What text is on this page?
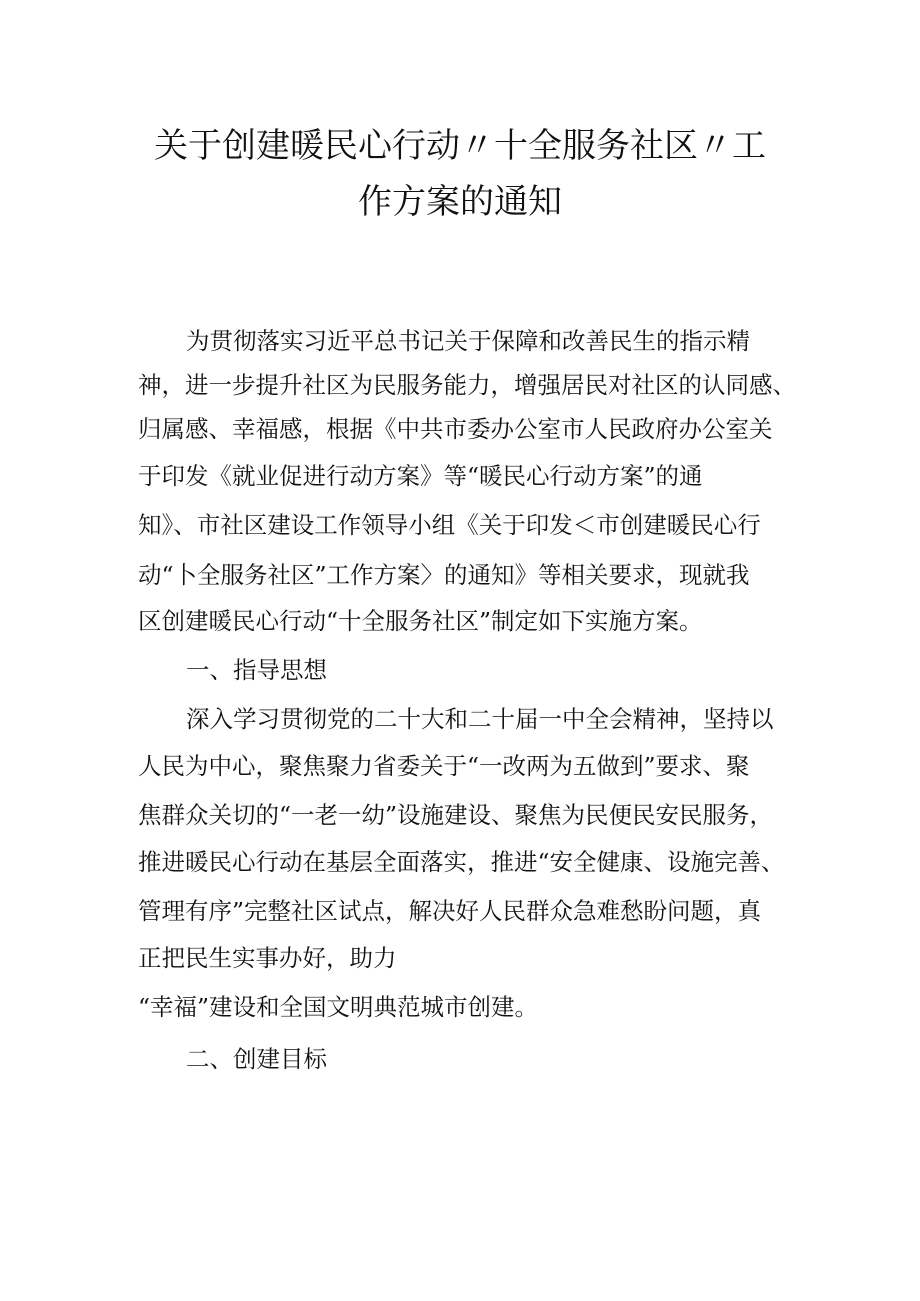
关于创建暖民心行动〃十全服务社区〃工
作方案的通知
为贯彻落实习近平总书记关于保障和改善民生的指示精
神，进一步提升社区为民服务能力，增强居民对社区的认同感、
归属感、幸福感，根据《中共市委办公室市人民政府办公室关
于印发《就业促进行动方案》等“暖民心行动方案”的通
知》、市社区建设工作领导小组《关于印发＜市创建暖民心行
动“卜全服务社区”工作方案〉的通知》等相关要求，现就我
区创建暖民心行动“十全服务社区”制定如下实施方案。
一、指导思想
深入学习贯彻党的二十大和二十届一中全会精神，坚持以
人民为中心，聚焦聚力省委关于“一改两为五做到”要求、聚
焦群众关切的“一老一幼”设施建设、聚焦为民便民安民服务，
推进暖民心行动在基层全面落实，推进“安全健康、设施完善、
管理有序”完整社区试点，解决好人民群众急难愁盼问题，真
正把民生实事办好，助力
“幸福”建设和全国文明典范城市创建。
二、创建目标
